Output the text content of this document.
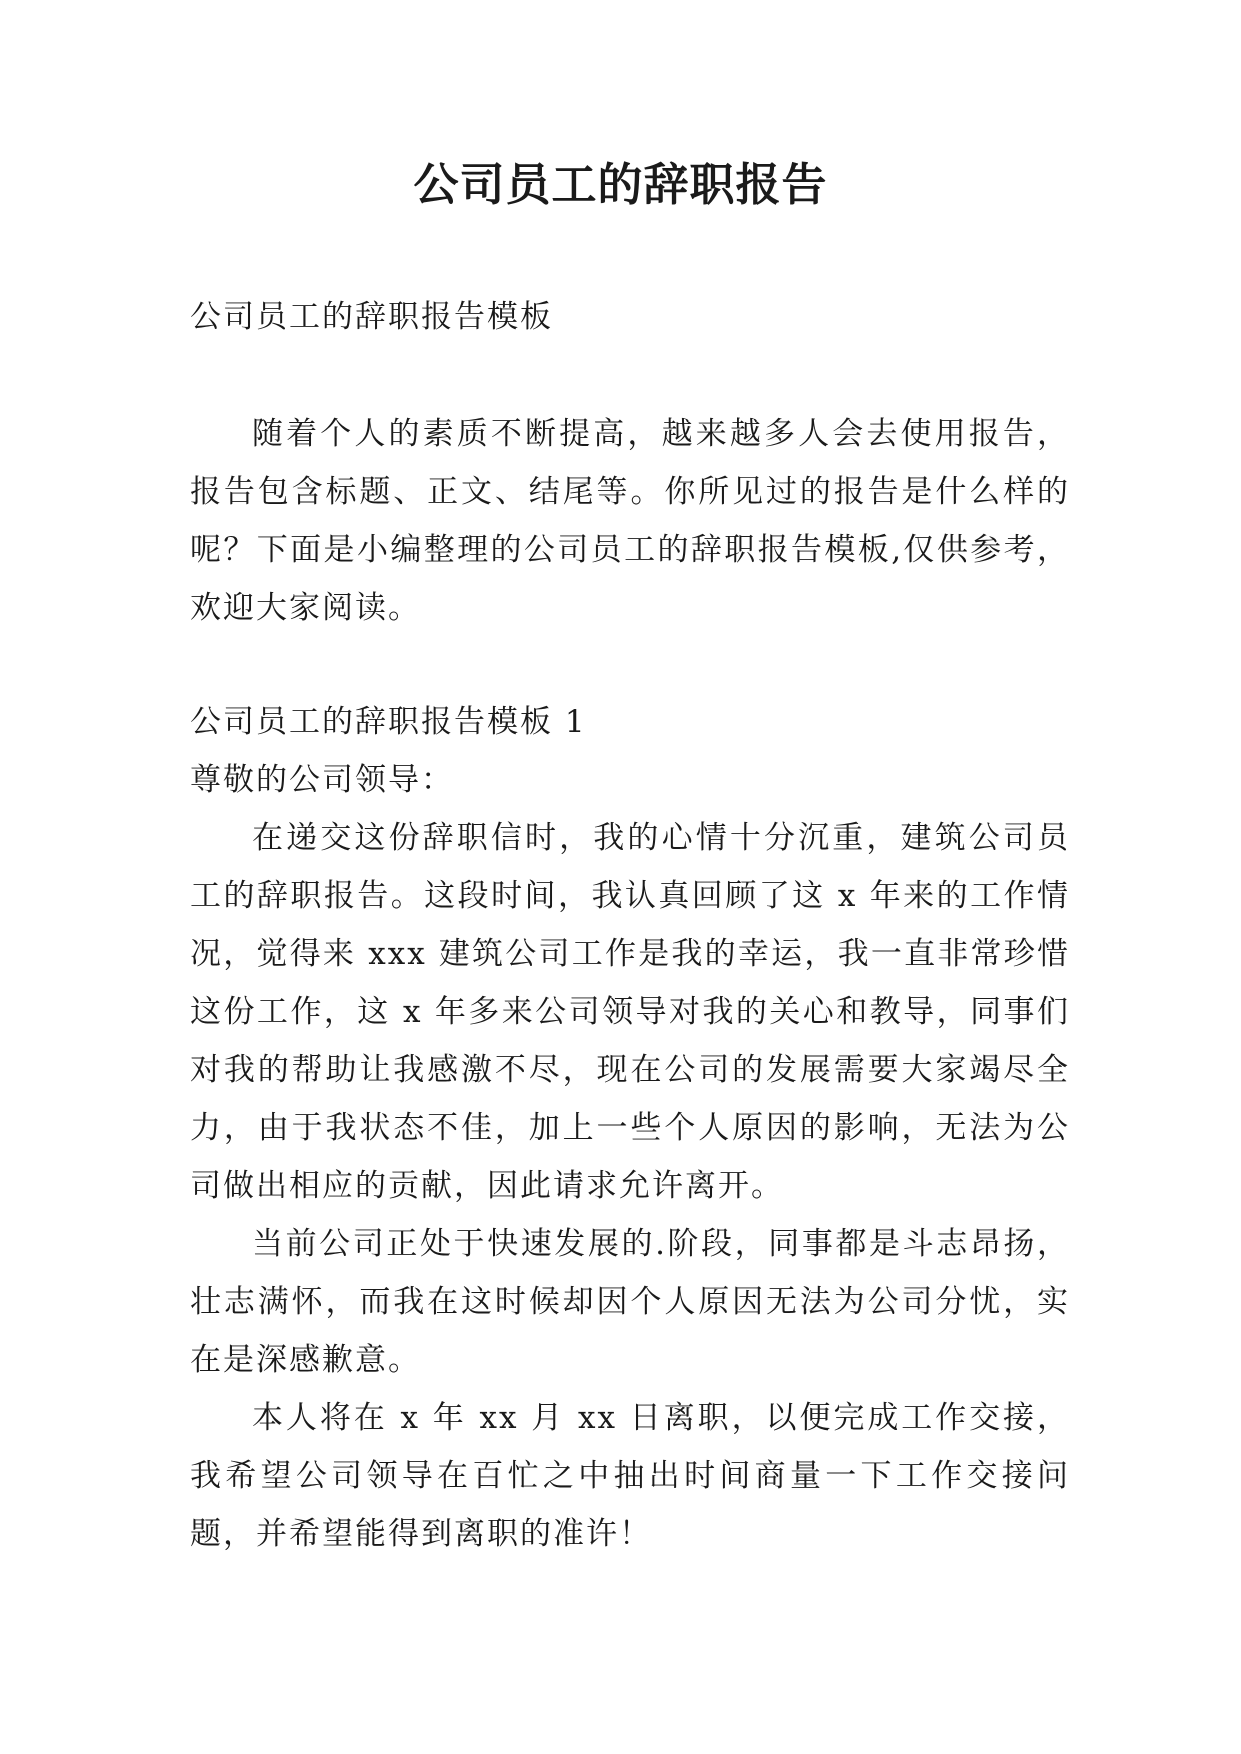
公司员工的辞职报告
公司员工的辞职报告模板

随着个人的素质不断提高，越来越多人会去使用报告，报告包含标题、正文、结尾等。你所见过的报告是什么样的呢？下面是小编整理的公司员工的辞职报告模板,仅供参考，欢迎大家阅读。

公司员工的辞职报告模板 1

尊敬的公司领导：

在递交这份辞职信时，我的心情十分沉重，建筑公司员工的辞职报告。这段时间，我认真回顾了这 x 年来的工作情况，觉得来 xxx 建筑公司工作是我的幸运，我一直非常珍惜这份工作，这 x 年多来公司领导对我的关心和教导，同事们对我的帮助让我感激不尽，现在公司的发展需要大家竭尽全力，由于我状态不佳，加上一些个人原因的影响，无法为公司做出相应的贡献，因此请求允许离开。

当前公司正处于快速发展的.阶段，同事都是斗志昂扬，壮志满怀，而我在这时候却因个人原因无法为公司分忧，实在是深感歉意。

本人将在 x 年 xx 月 xx 日离职，以便完成工作交接，我希望公司领导在百忙之中抽出时间商量一下工作交接问题，并希望能得到离职的准许！
